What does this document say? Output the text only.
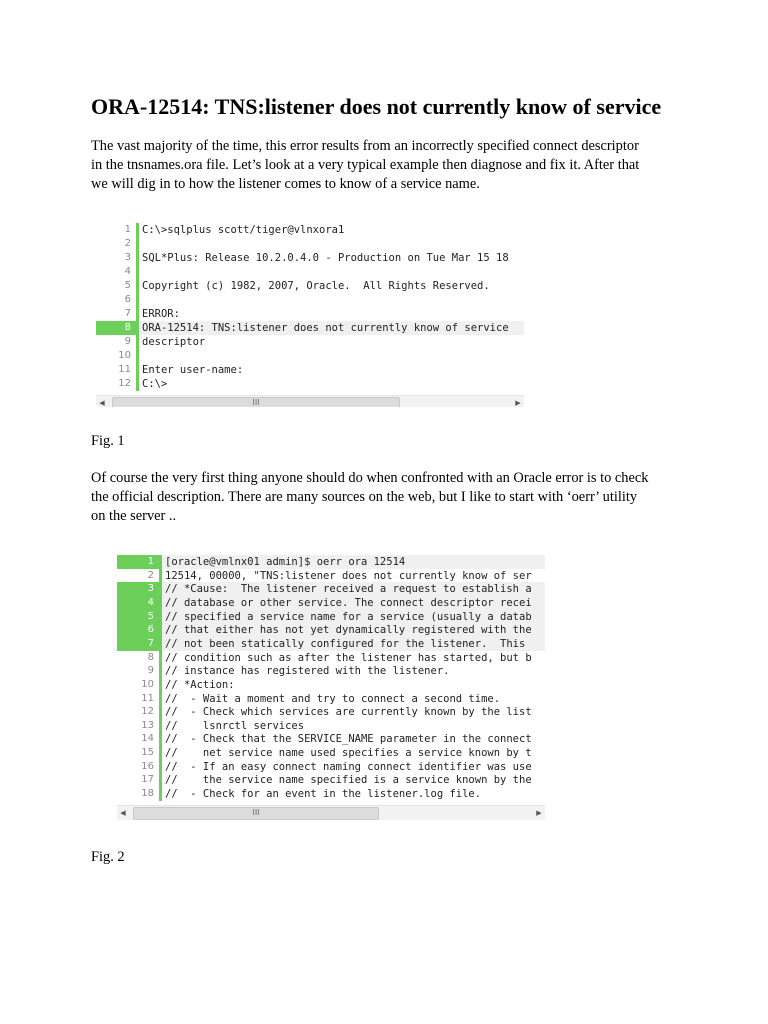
ORA-12514: TNS:listener does not currently know of service

The vast majority of the time, this error results from an incorrectly specified connect descriptor
in the tnsnames.ora file. Let’s look at a very typical example then diagnose and fix it. After that
we will dig in to how the listener comes to know of a service name.

1	C:\>sqlplus scott/tiger@vlnxora1
2
3	SQL*Plus: Release 10.2.0.4.0 - Production on Tue Mar 15 18
4
5	Copyright (c) 1982, 2007, Oracle.  All Rights Reserved.
6
7	ERROR:
8	ORA-12514: TNS:listener does not currently know of service
9	descriptor
10
11	Enter user-name:
12	C:\>
◀	III	▶

Fig. 1

Of course the very first thing anyone should do when confronted with an Oracle error is to check
the official description. There are many sources on the web, but I like to start with ‘oerr’ utility
on the server ..

1	[oracle@vmlnx01 admin]$ oerr ora 12514
2	12514, 00000, "TNS:listener does not currently know of ser
3	// *Cause:  The listener received a request to establish a
4	// database or other service. The connect descriptor recei
5	// specified a service name for a service (usually a datab
6	// that either has not yet dynamically registered with the
7	// not been statically configured for the listener.  This
8	// condition such as after the listener has started, but b
9	// instance has registered with the listener.
10	// *Action:
11	//  - Wait a moment and try to connect a second time.
12	//  - Check which services are currently known by the list
13	//    lsnrctl services
14	//  - Check that the SERVICE_NAME parameter in the connect
15	//    net service name used specifies a service known by t
16	//  - If an easy connect naming connect identifier was use
17	//    the service name specified is a service known by the
18	//  - Check for an event in the listener.log file.
◀	III	▶

Fig. 2
